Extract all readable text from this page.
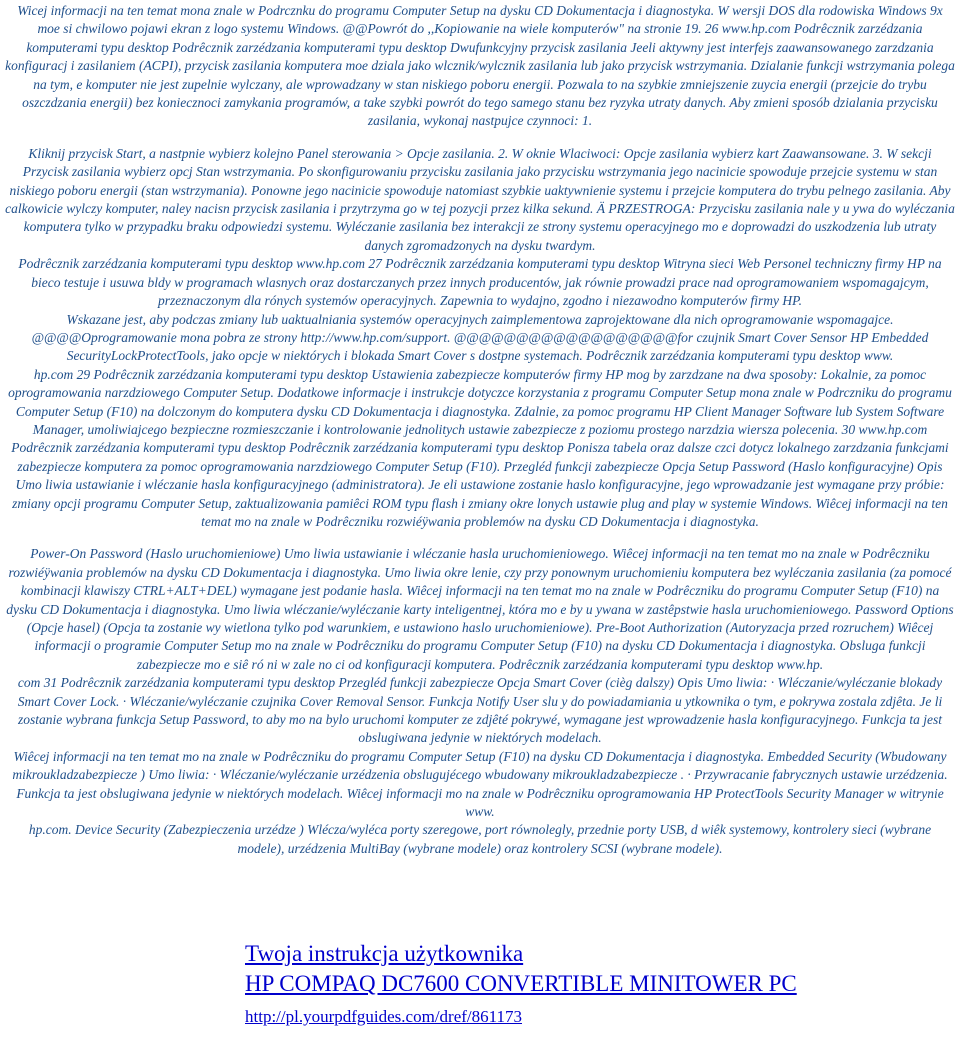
Wicej informacji na ten temat mona znale w Podrcznku do programu Computer Setup na dysku CD Dokumentacja i diagnostyka. W wersji DOS dla rodowiska Windows 9x moe si chwilowo pojawi ekran z logo systemu Windows. @@Powrót do ,,Kopiowanie na wiele komputerów" na stronie 19. 26 www.hp.com Podrêcznik zarzédzania komputerami typu desktop Podrêcznik zarzédzania komputerami typu desktop Dwufunkcyjny przycisk zasilania Jeeli aktywny jest interfejs zaawansowanego zarzdzania konfiguracj i zasilaniem (ACPI), przycisk zasilania komputera moe dziala jako wlcznik/wylcznik zasilania lub jako przycisk wstrzymania. Dzialanie funkcji wstrzymania polega na tym, e komputer nie jest zupelnie wylczany, ale wprowadzany w stan niskiego poboru energii. Pozwala to na szybkie zmniejszenie zuycia energii (przejcie do trybu oszczdzania energii) bez koniecznoci zamykania programów, a take szybki powrót do tego samego stanu bez ryzyka utraty danych. Aby zmieni sposób dzialania przycisku zasilania, wykonaj nastpujce czynnoci: 1.

Kliknij przycisk Start, a nastpnie wybierz kolejno Panel sterowania > Opcje zasilania. 2. W oknie Wlaciwoci: Opcje zasilania wybierz kart Zaawansowane. 3. W sekcji Przycisk zasilania wybierz opcj Stan wstrzymania. Po skonfigurowaniu przycisku zasilania jako przycisku wstrzymania jego nacinicie spowoduje przejcie systemu w stan niskiego poboru energii (stan wstrzymania). Ponowne jego nacinicie spowoduje natomiast szybkie uaktywnienie systemu i przejcie komputera do trybu pelnego zasilania. Aby calkowicie wylczy komputer, naley nacisn przycisk zasilania i przytrzyma go w tej pozycji przez kilka sekund. Ä PRZESTROGA: Przycisku zasilania nale y u ywa do wyléczania komputera tylko w przypadku braku odpowiedzi systemu. Wyléczanie zasilania bez interakcji ze strony systemu operacyjnego mo e doprowadzi do uszkodzenia lub utraty danych zgromadzonych na dysku twardym.

Podrêcznik zarzédzania komputerami typu desktop www.hp.com 27 Podrêcznik zarzédzania komputerami typu desktop Witryna sieci Web Personel techniczny firmy HP na bieco testuje i usuwa bldy w programach wlasnych oraz dostarczanych przez innych producentów, jak równie prowadzi prace nad oprogramowaniem wspomagajcym, przeznaczonym dla rónych systemów operacyjnych. Zapewnia to wydajno, zgodno i niezawodno komputerów firmy HP.

Wskazane jest, aby podczas zmiany lub uaktualniania systemów operacyjnych zaimplementowa zaprojektowane dla nich oprogramowanie wspomagajce. @@@@Oprogramowanie mona pobra ze strony http://www.hp.com/support. @@@@@@@@@@@@@@@@@@for czujnik Smart Cover Sensor HP Embedded SecurityLockProtectTools, jako opcje w niektórych i blokada Smart Cover s dostpne systemach. Podrêcznik zarzédzania komputerami typu desktop www.

hp.com 29 Podrêcznik zarzédzania komputerami typu desktop Ustawienia zabezpiecze komputerów firmy HP mog by zarzdzane na dwa sposoby: Lokalnie, za pomoc oprogramowania narzdziowego Computer Setup. Dodatkowe informacje i instrukcje dotyczce korzystania z programu Computer Setup mona znale w Podrczniku do programu Computer Setup (F10) na dolczonym do komputera dysku CD Dokumentacja i diagnostyka. Zdalnie, za pomoc programu HP Client Manager Software lub System Software Manager, umoliwiajcego bezpieczne rozmieszczanie i kontrolowanie jednolitych ustawie zabezpiecze z poziomu prostego narzdzia wiersza polecenia. 30 www.hp.com Podrêcznik zarzédzania komputerami typu desktop Podrêcznik zarzédzania komputerami typu desktop Ponisza tabela oraz dalsze czci dotycz lokalnego zarzdzania funkcjami zabezpiecze komputera za pomoc oprogramowania narzdziowego Computer Setup (F10). Przegléd funkcji zabezpiecze Opcja Setup Password (Haslo konfiguracyjne) Opis Umo liwia ustawianie i wléczanie hasla konfiguracyjnego (administratora). Je eli ustawione zostanie haslo konfiguracyjne, jego wprowadzanie jest wymagane przy próbie: zmiany opcji programu Computer Setup, zaktualizowania pamiêci ROM typu flash i zmiany okre lonych ustawie plug and play w systemie Windows. Wiêcej informacji na ten temat mo na znale w Podrêczniku rozwiéÿwania problemów na dysku CD Dokumentacja i diagnostyka.

Power-On Password (Haslo uruchomieniowe) Umo liwia ustawianie i wléczanie hasla uruchomieniowego. Wiêcej informacji na ten temat mo na znale w Podrêczniku rozwiéÿwania problemów na dysku CD Dokumentacja i diagnostyka. Umo liwia okre lenie, czy przy ponownym uruchomieniu komputera bez wyléczania zasilania (za pomocé kombinacji klawiszy CTRL+ALT+DEL) wymagane jest podanie hasla. Wiêcej informacji na ten temat mo na znale w Podrêczniku do programu Computer Setup (F10) na dysku CD Dokumentacja i diagnostyka. Umo liwia wléczanie/wyléczanie karty inteligentnej, która mo e by u ywana w zastêpstwie hasla uruchomieniowego. Password Options (Opcje hasel) (Opcja ta zostanie wy wietlona tylko pod warunkiem, e ustawiono haslo uruchomieniowe). Pre-Boot Authorization (Autoryzacja przed rozruchem) Wiêcej informacji o programie Computer Setup mo na znale w Podrêczniku do programu Computer Setup (F10) na dysku CD Dokumentacja i diagnostyka. Obsluga funkcji zabezpiecze mo e siê ró ni w zale no ci od konfiguracji komputera. Podrêcznik zarzédzania komputerami typu desktop www.hp.

com 31 Podrêcznik zarzédzania komputerami typu desktop Przegléd funkcji zabezpiecze Opcja Smart Cover (cièg dalszy) Opis Umo liwia: · Wléczanie/wyléczanie blokady Smart Cover Lock. · Wléczanie/wyléczanie czujnika Cover Removal Sensor. Funkcja Notify User slu y do powiadamiania u ytkownika o tym, e pokrywa zostala zdjêta. Je li zostanie wybrana funkcja Setup Password, to aby mo na bylo uruchomi komputer ze zdjêté pokrywé, wymagane jest wprowadzenie hasla konfiguracyjnego. Funkcja ta jest obslugiwana jedynie w niektórych modelach.

Wiêcej informacji na ten temat mo na znale w Podrêczniku do programu Computer Setup (F10) na dysku CD Dokumentacja i diagnostyka. Embedded Security (Wbudowany mikroukladzabezpiecze ) Umo liwia: · Wléczanie/wyléczanie urzédzenia obslugujécego wbudowany mikroukladzabezpiecze . · Przywracanie fabrycznych ustawie urzédzenia. Funkcja ta jest obslugiwana jedynie w niektórych modelach. Wiêcej informacji mo na znale w Podrêczniku oprogramowania HP ProtectTools Security Manager w witrynie www.

hp.com. Device Security (Zabezpieczenia urzédze ) Wlécza/wyléca porty szeregowe, port równolegly, przednie porty USB, d wiêk systemowy, kontrolery sieci (wybrane modele), urzédzenia MultiBay (wybrane modele) oraz kontrolery SCSI (wybrane modele).

Twoja instrukcja użytkownika
HP COMPAQ DC7600 CONVERTIBLE MINITOWER PC
http://pl.yourpdfguides.com/dref/861173
